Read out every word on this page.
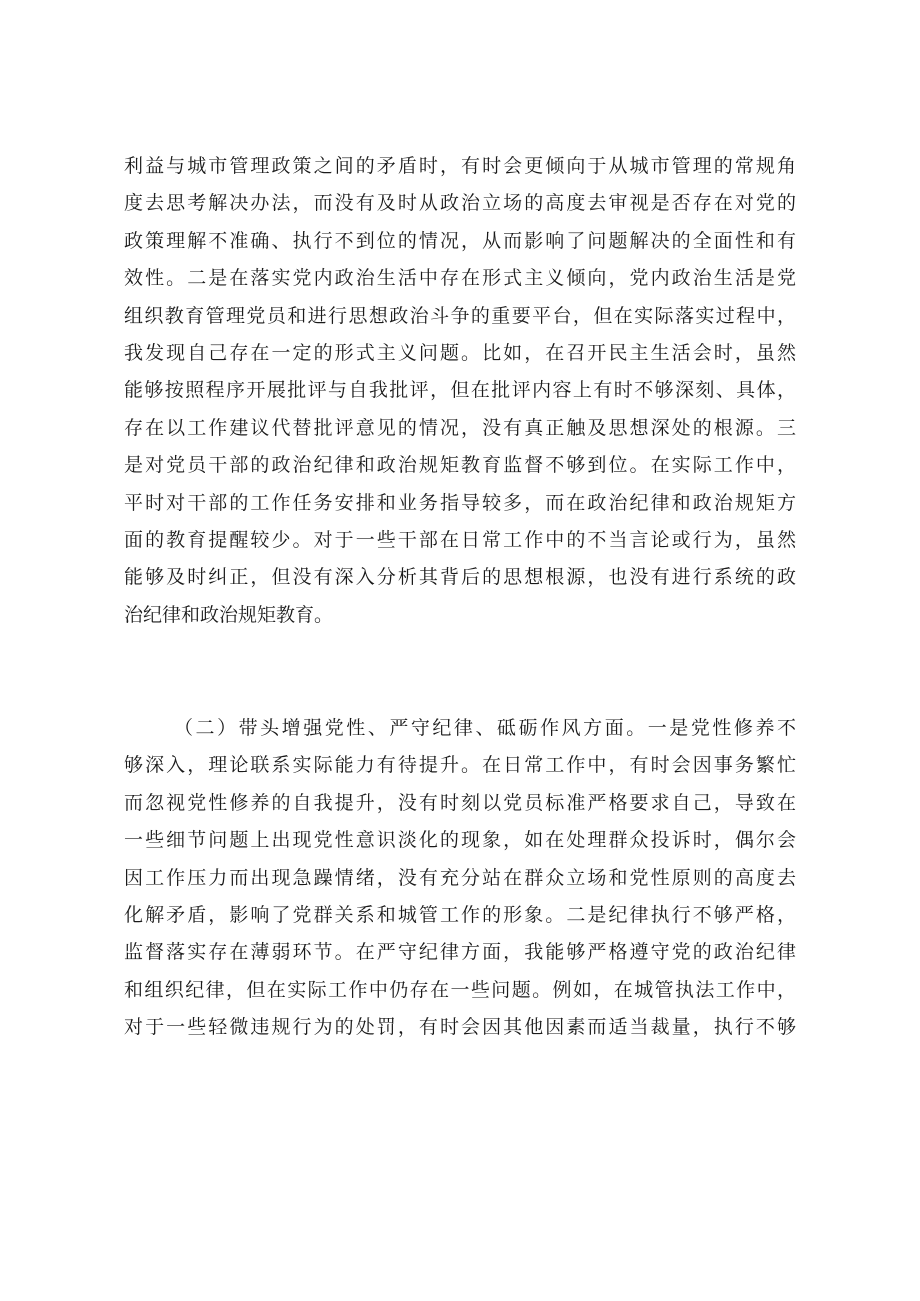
利益与城市管理政策之间的矛盾时，有时会更倾向于从城市管理的常规角
度去思考解决办法，而没有及时从政治立场的高度去审视是否存在对党的
政策理解不准确、执行不到位的情况，从而影响了问题解决的全面性和有
效性。二是在落实党内政治生活中存在形式主义倾向，党内政治生活是党
组织教育管理党员和进行思想政治斗争的重要平台，但在实际落实过程中，
我发现自己存在一定的形式主义问题。比如，在召开民主生活会时，虽然
能够按照程序开展批评与自我批评，但在批评内容上有时不够深刻、具体，
存在以工作建议代替批评意见的情况，没有真正触及思想深处的根源。三
是对党员干部的政治纪律和政治规矩教育监督不够到位。在实际工作中，
平时对干部的工作任务安排和业务指导较多，而在政治纪律和政治规矩方
面的教育提醒较少。对于一些干部在日常工作中的不当言论或行为，虽然
能够及时纠正，但没有深入分析其背后的思想根源，也没有进行系统的政
治纪律和政治规矩教育。
（二）带头增强党性、严守纪律、砥砺作风方面。一是党性修养不
够深入，理论联系实际能力有待提升。在日常工作中，有时会因事务繁忙
而忽视党性修养的自我提升，没有时刻以党员标准严格要求自己，导致在
一些细节问题上出现党性意识淡化的现象，如在处理群众投诉时，偶尔会
因工作压力而出现急躁情绪，没有充分站在群众立场和党性原则的高度去
化解矛盾，影响了党群关系和城管工作的形象。二是纪律执行不够严格，
监督落实存在薄弱环节。在严守纪律方面，我能够严格遵守党的政治纪律
和组织纪律，但在实际工作中仍存在一些问题。例如，在城管执法工作中，
对于一些轻微违规行为的处罚，有时会因其他因素而适当裁量，执行不够
